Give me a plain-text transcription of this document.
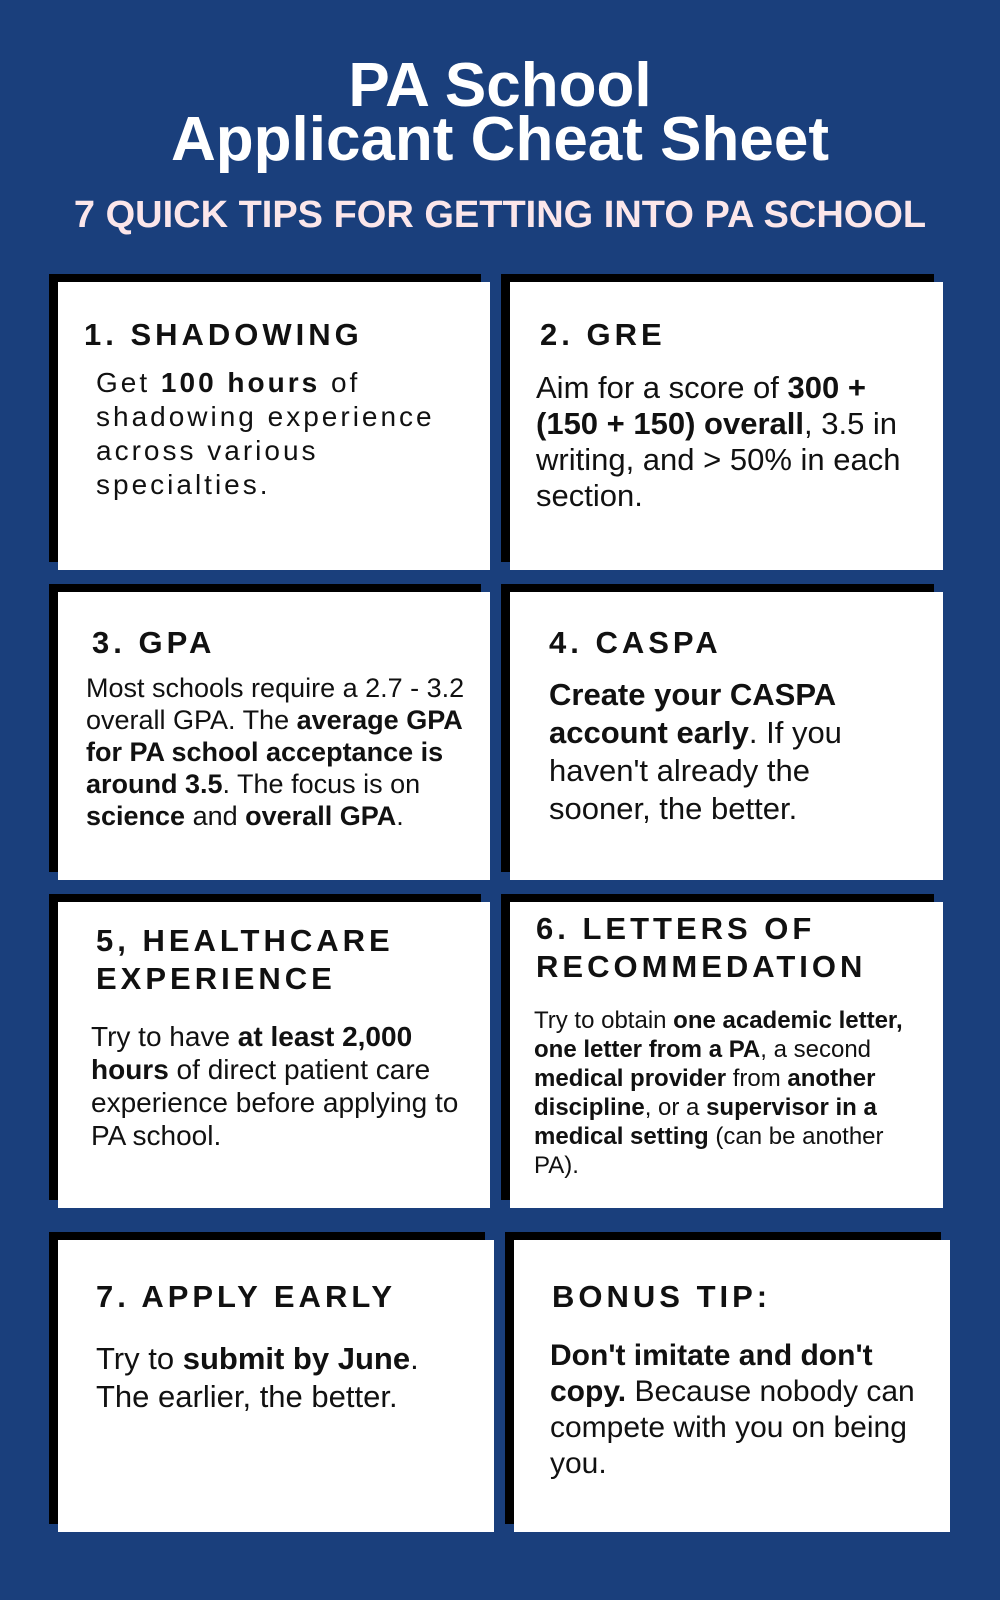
PA School
Applicant Cheat Sheet
7 QUICK TIPS FOR GETTING INTO PA SCHOOL
1. SHADOWING

Get 100 hours of shadowing experience across various specialties.

2. GRE

Aim for a score of 300 + (150 + 150) overall, 3.5 in writing, and > 50% in each section.

3. GPA

Most schools require a 2.7 - 3.2 overall GPA. The average GPA for PA school acceptance is around 3.5. The focus is on science and overall GPA.

4. CASPA

Create your CASPA account early. If you haven't already the sooner, the better.

5, HEALTHCARE
EXPERIENCE

Try to have at least 2,000 hours of direct patient care experience before applying to PA school.

6. LETTERS OF
RECOMMEDATION

Try to obtain one academic letter, one letter from a PA, a second medical provider from another discipline, or a supervisor in a medical setting (can be another PA).

7. APPLY EARLY

Try to submit by June. The earlier, the better.

BONUS TIP:

Don't imitate and don't copy. Because nobody can compete with you on being you.
